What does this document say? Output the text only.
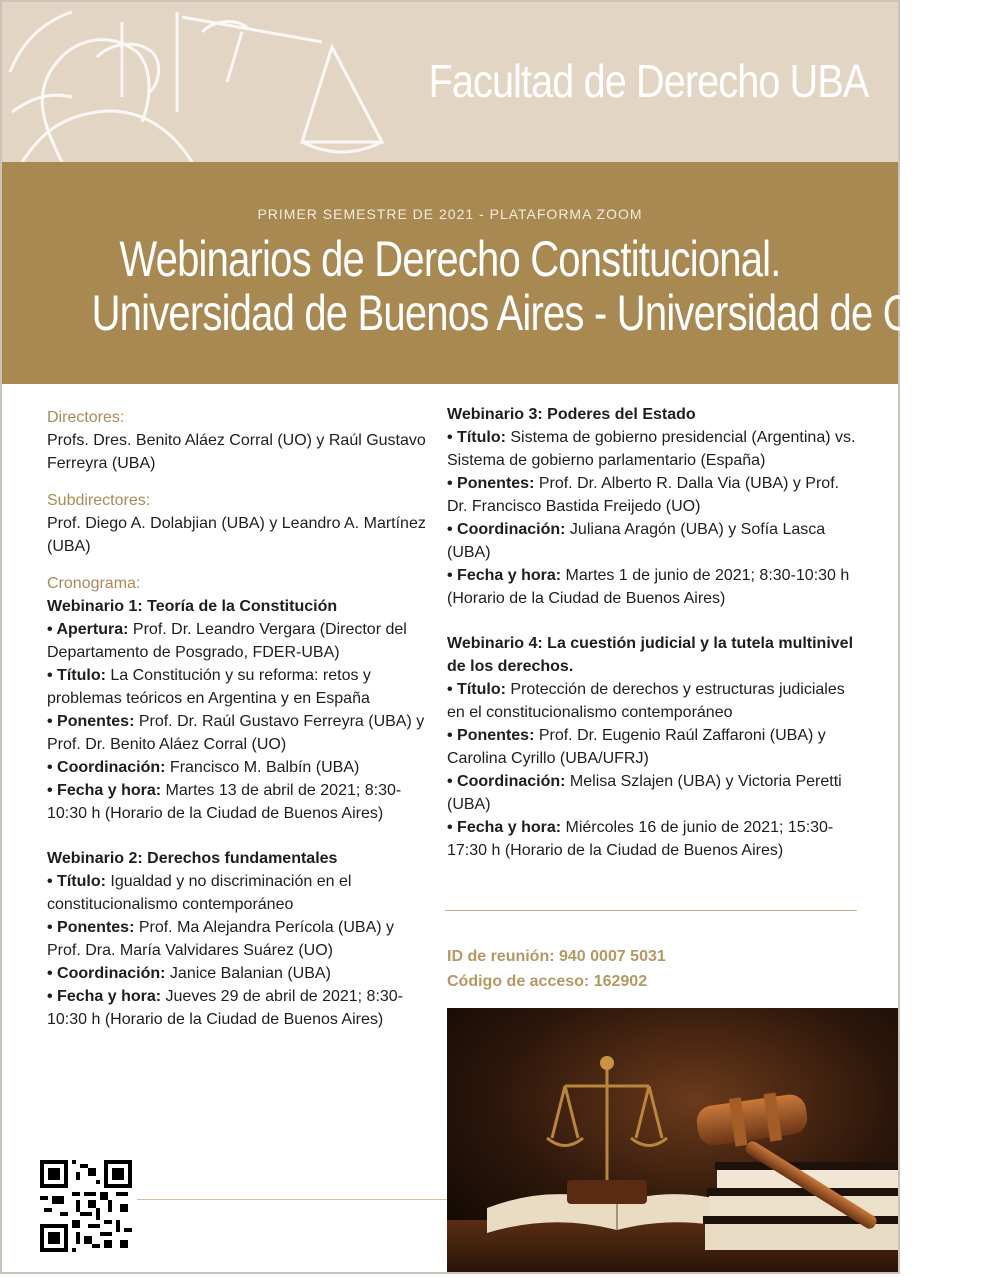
Facultad de Derecho UBA
PRIMER SEMESTRE DE 2021 - PLATAFORMA ZOOM
Webinarios de Derecho Constitucional.
Universidad de Buenos Aires - Universidad de Oviedo

Directores:

Profs. Dres. Benito Aláez Corral (UO) y Raúl Gustavo Ferreyra (UBA)

Subdirectores:

Prof. Diego A. Dolabjian (UBA) y Leandro A. Martínez (UBA)

Cronograma:

Webinario 1: Teoría de la Constitución

• Apertura: Prof. Dr. Leandro Vergara (Director del Departamento de Posgrado, FDER-UBA)

• Título: La Constitución y su reforma: retos y problemas teóricos en Argentina y en España

• Ponentes: Prof. Dr. Raúl Gustavo Ferreyra (UBA) y Prof. Dr. Benito Aláez Corral (UO)

• Coordinación: Francisco M. Balbín (UBA)

• Fecha y hora: Martes 13 de abril de 2021; 8:30-10:30 h (Horario de la Ciudad de Buenos Aires)

Webinario 2: Derechos fundamentales

• Título: Igualdad y no discriminación en el constitucionalismo contemporáneo

• Ponentes: Prof. Ma Alejandra Perícola (UBA) y Prof. Dra. María Valvidares Suárez (UO)

• Coordinación: Janice Balanian (UBA)

• Fecha y hora: Jueves 29 de abril de 2021; 8:30-10:30 h (Horario de la Ciudad de Buenos Aires)

Webinario 3: Poderes del Estado

• Título: Sistema de gobierno presidencial (Argentina) vs. Sistema de gobierno parlamentario (España)

• Ponentes: Prof. Dr. Alberto R. Dalla Via (UBA) y Prof. Dr. Francisco Bastida Freijedo (UO)

• Coordinación: Juliana Aragón (UBA) y Sofía Lasca (UBA)

• Fecha y hora: Martes 1 de junio de 2021; 8:30-10:30 h (Horario de la Ciudad de Buenos Aires)

Webinario 4: La cuestión judicial y la tutela multinivel de los derechos.

• Título: Protección de derechos y estructuras judiciales en el constitucionalismo contemporáneo

• Ponentes: Prof. Dr. Eugenio Raúl Zaffaroni (UBA) y Carolina Cyrillo (UBA/UFRJ)

• Coordinación: Melisa Szlajen (UBA) y Victoria Peretti (UBA)

• Fecha y hora: Miércoles 16 de junio de 2021; 15:30-17:30 h (Horario de la Ciudad de Buenos Aires)

ID de reunión: 940 0007 5031
Código de acceso: 162902
